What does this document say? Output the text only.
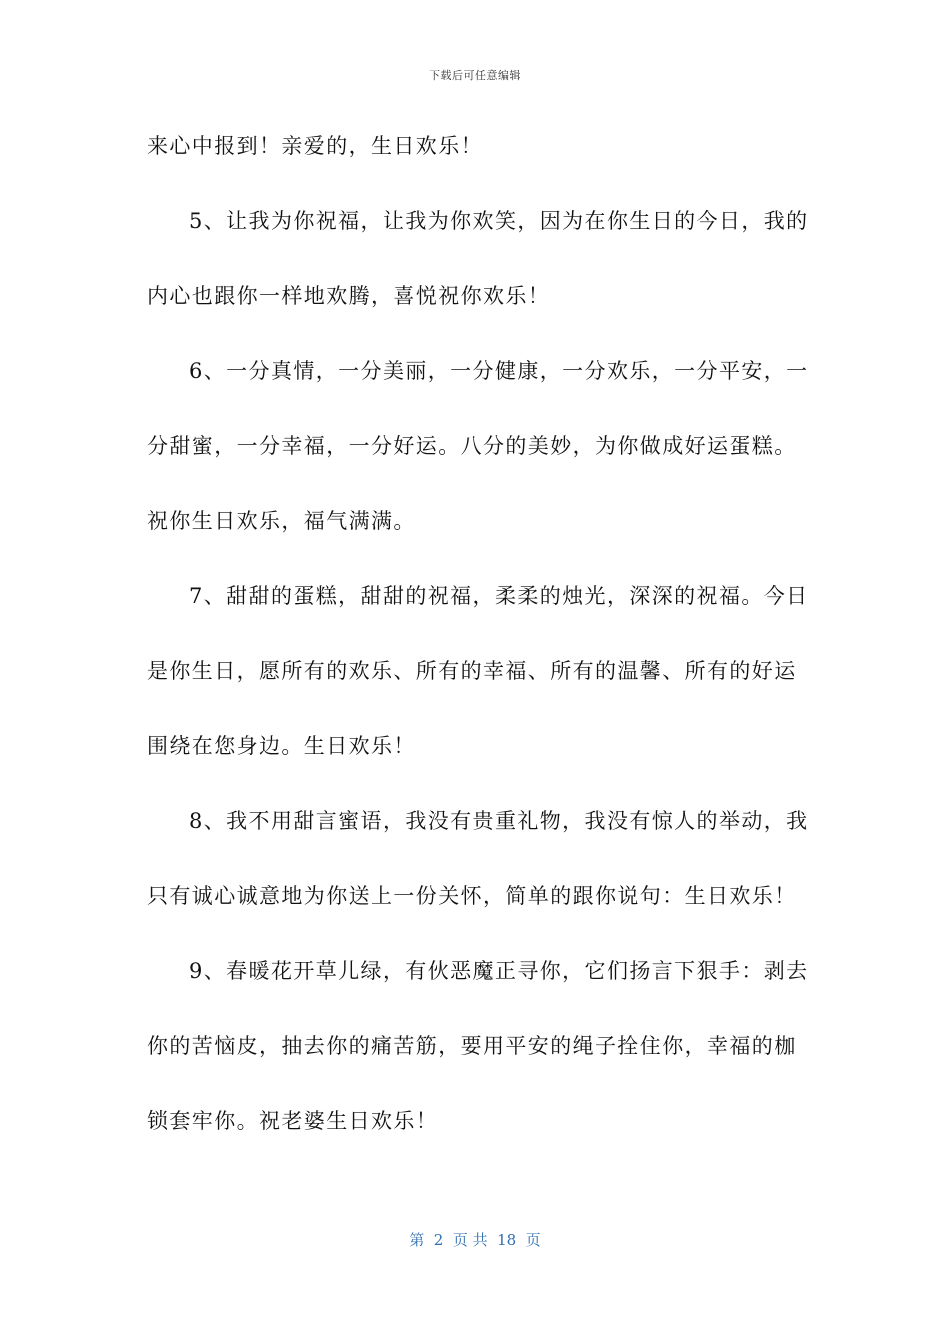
下载后可任意编辑
来心中报到！亲爱的，生日欢乐！
5、让我为你祝福，让我为你欢笑，因为在你生日的今日，我的
内心也跟你一样地欢腾，喜悦祝你欢乐！
6、一分真情，一分美丽，一分健康，一分欢乐，一分平安，一
分甜蜜，一分幸福，一分好运。八分的美妙，为你做成好运蛋糕。
祝你生日欢乐，福气满满。
7、甜甜的蛋糕，甜甜的祝福，柔柔的烛光，深深的祝福。今日
是你生日，愿所有的欢乐、所有的幸福、所有的温馨、所有的好运
围绕在您身边。生日欢乐！
8、我不用甜言蜜语，我没有贵重礼物，我没有惊人的举动，我
只有诚心诚意地为你送上一份关怀，简单的跟你说句：生日欢乐！
9、春暖花开草儿绿，有伙恶魔正寻你，它们扬言下狠手：剥去
你的苦恼皮，抽去你的痛苦筋，要用平安的绳子拴住你，幸福的枷
锁套牢你。祝老婆生日欢乐！
第  2  页 共  18  页
